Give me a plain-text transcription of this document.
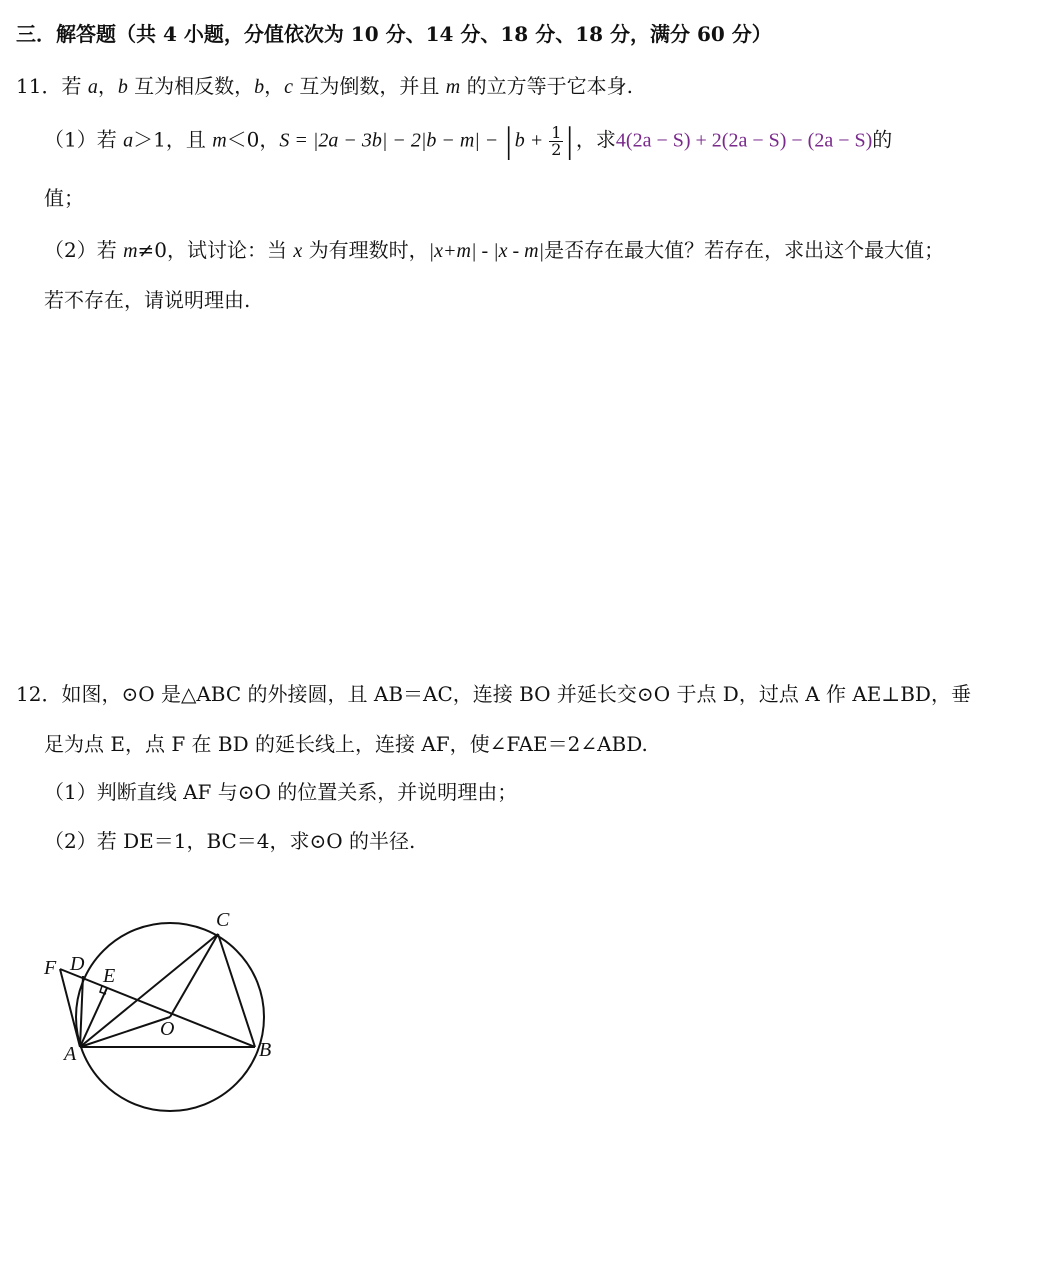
三．解答题（共 4 小题，分值依次为 10 分、14 分、18 分、18 分，满分 60 分）
11．若 a，b 互为相反数，b，c 互为倒数，并且 m 的立方等于它本身.
（1）若 a＞1，且 m＜0，S = |2a − 3b| − 2|b − m| − | $b + \frac{1}{2}$ | ，求4(2a − S) + 2(2a − S) − (2a − S)的
值；
（2）若 m≠0，试讨论：当 x 为有理数时，|x+m| - |x - m|是否存在最大值？若存在，求出这个最大值；
若不存在，请说明理由.
12．如图，⊙O 是△ABC 的外接圆，且 AB＝AC，连接 BO 并延长交⊙O 于点 D，过点 A 作 AE⊥BD，垂
足为点 E，点 F 在 BD 的延长线上，连接 AF，使∠FAE＝2∠ABD.
（1）判断直线 AF 与⊙O 的位置关系，并说明理由；
（2）若 DE＝1，BC＝4，求⊙O 的半径.
C
F D
E
O
A	B
